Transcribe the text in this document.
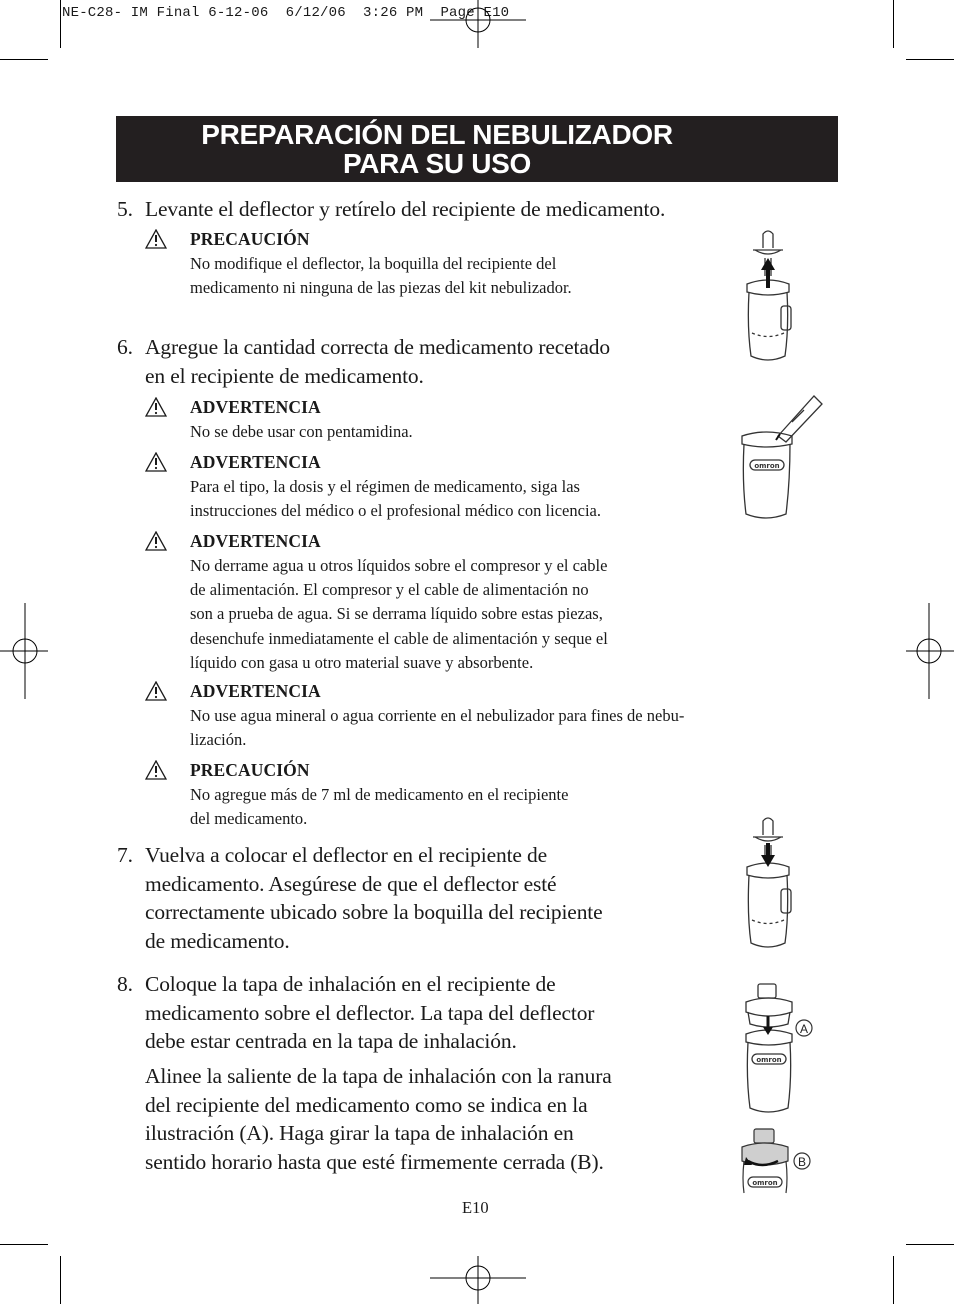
NE-C28- IM Final 6-12-06  6/12/06  3:26 PM  Page E10
PREPARACIÓN DEL NEBULIZADOR
PARA SU USO
5. Levante el deflector y retírelo del recipiente de medicamento.
PRECAUCIÓN
No modifique el deflector, la boquilla del recipiente del
medicamento ni ninguna de las piezas del kit nebulizador.
6. Agregue la cantidad correcta de medicamento recetado
en el recipiente de medicamento.
ADVERTENCIA
No se debe usar con pentamidina.
ADVERTENCIA
Para el tipo, la dosis y el régimen de medicamento, siga las
instrucciones del médico o el profesional médico con licencia.
ADVERTENCIA
No derrame agua u otros líquidos sobre el compresor y el cable
de alimentación. El compresor y el cable de alimentación no
son a prueba de agua. Si se derrama líquido sobre estas piezas,
desenchufe inmediatamente el cable de alimentación y seque el
líquido con gasa u otro material suave y absorbente.
ADVERTENCIA
No use agua mineral o agua corriente en el nebulizador para fines de nebu-
lización.
PRECAUCIÓN
No agregue más de 7 ml de medicamento en el recipiente
del medicamento.
7. Vuelva a colocar el deflector en el recipiente de
medicamento. Asegúrese de que el deflector esté
correctamente ubicado sobre la boquilla del recipiente
de medicamento.
8. Coloque la tapa de inhalación en el recipiente de
medicamento sobre el deflector. La tapa del deflector
debe estar centrada en la tapa de inhalación.
Alinee la saliente de la tapa de inhalación con la ranura
del recipiente del medicamento como se indica en la
ilustración (A). Haga girar la tapa de inhalación en
sentido horario hasta que esté firmemente cerrada (B).
omron
A
omron
B
omron
E10
